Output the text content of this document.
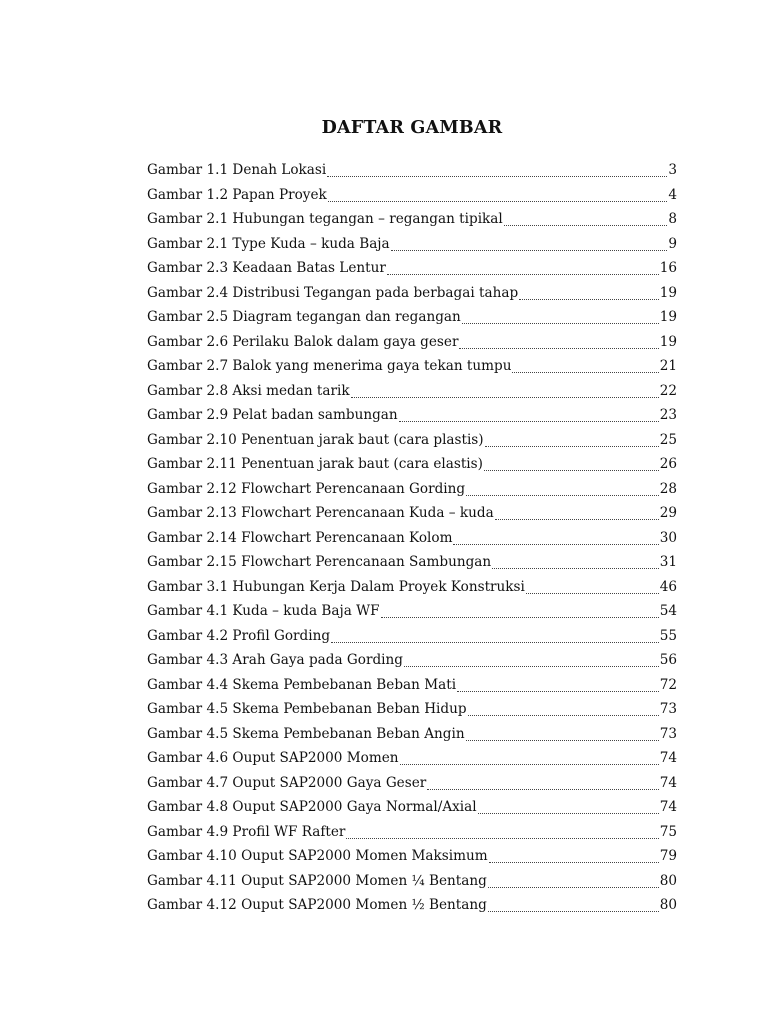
DAFTAR GAMBAR
Gambar 1.1 Denah Lokasi	3
Gambar 1.2 Papan Proyek	4
Gambar 2.1 Hubungan tegangan – regangan tipikal	8
Gambar 2.1 Type Kuda – kuda Baja	9
Gambar 2.3 Keadaan Batas Lentur	16
Gambar 2.4 Distribusi Tegangan pada berbagai tahap	19
Gambar 2.5 Diagram tegangan dan regangan	19
Gambar 2.6 Perilaku Balok dalam gaya geser	19
Gambar 2.7 Balok yang menerima gaya tekan tumpu	21
Gambar 2.8 Aksi medan tarik	22
Gambar 2.9 Pelat badan sambungan	23
Gambar 2.10 Penentuan jarak baut (cara plastis)	25
Gambar 2.11 Penentuan jarak baut (cara elastis)	26
Gambar 2.12 Flowchart Perencanaan Gording	28
Gambar 2.13 Flowchart Perencanaan Kuda – kuda	29
Gambar 2.14 Flowchart Perencanaan Kolom	30
Gambar 2.15 Flowchart Perencanaan Sambungan	31
Gambar 3.1 Hubungan Kerja Dalam Proyek Konstruksi	46
Gambar 4.1 Kuda – kuda Baja WF	54
Gambar 4.2 Profil Gording	55
Gambar 4.3 Arah Gaya pada Gording	56
Gambar 4.4 Skema Pembebanan Beban Mati	72
Gambar 4.5 Skema Pembebanan Beban Hidup	73
Gambar 4.5 Skema Pembebanan Beban Angin	73
Gambar 4.6 Ouput SAP2000 Momen	74
Gambar 4.7 Ouput SAP2000 Gaya Geser	74
Gambar 4.8 Ouput SAP2000 Gaya Normal/Axial	74
Gambar 4.9 Profil WF Rafter	75
Gambar 4.10 Ouput SAP2000 Momen Maksimum	79
Gambar 4.11 Ouput SAP2000 Momen ¼ Bentang	80
Gambar 4.12 Ouput SAP2000 Momen ½ Bentang	80
